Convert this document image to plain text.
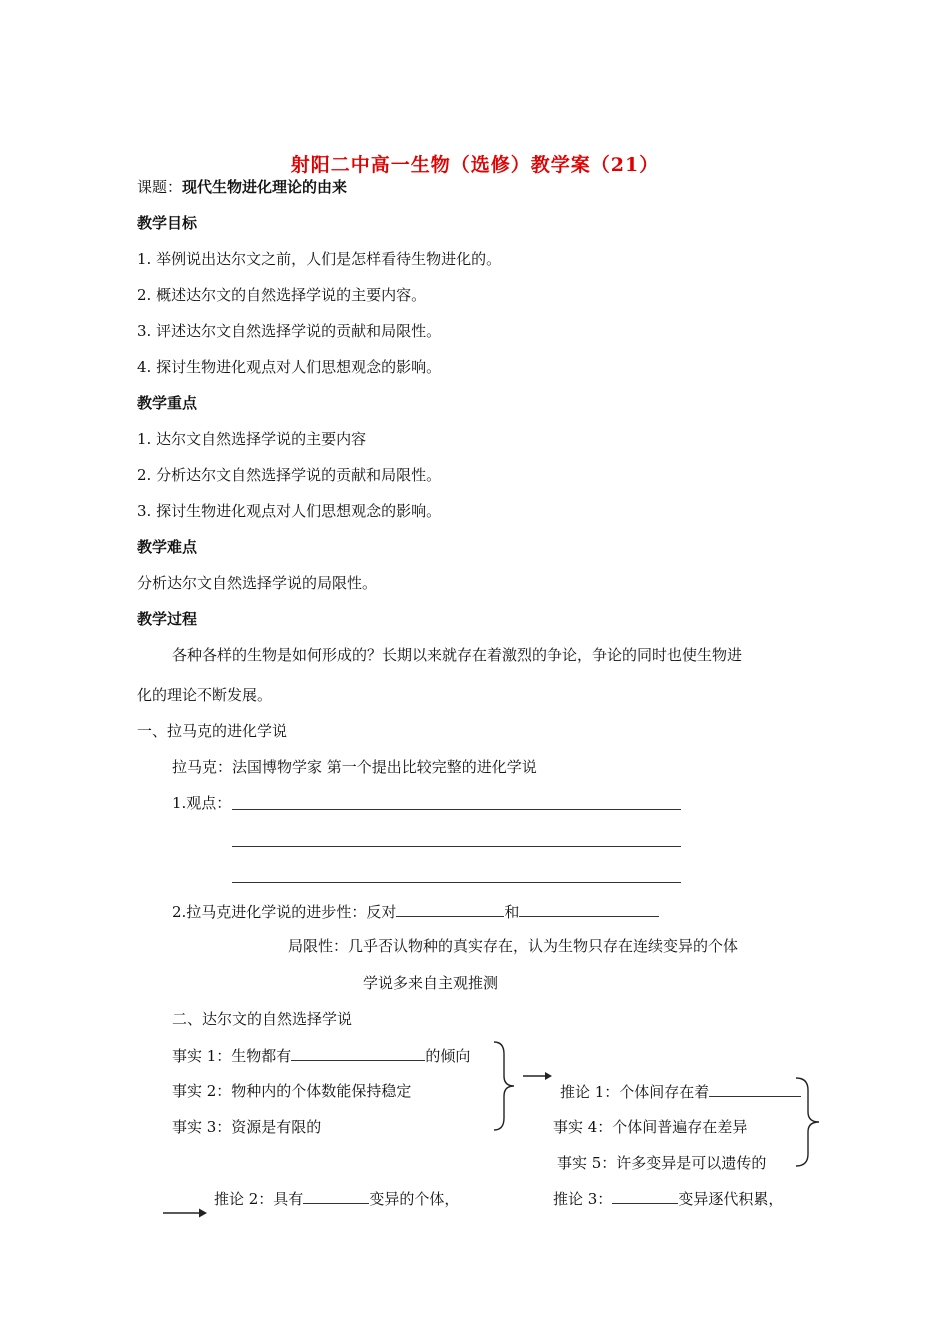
射阳二中高一生物（选修）教学案（21）
课题：现代生物进化理论的由来
教学目标
1. 举例说出达尔文之前，人们是怎样看待生物进化的。
2. 概述达尔文的自然选择学说的主要内容。
3. 评述达尔文自然选择学说的贡献和局限性。
4. 探讨生物进化观点对人们思想观念的影响。
教学重点
1. 达尔文自然选择学说的主要内容
2. 分析达尔文自然选择学说的贡献和局限性。
3. 探讨生物进化观点对人们思想观念的影响。
教学难点
分析达尔文自然选择学说的局限性。
教学过程
各种各样的生物是如何形成的？长期以来就存在着激烈的争论，争论的同时也使生物进
化的理论不断发展。
一、拉马克的进化学说
拉马克：法国博物学家 第一个提出比较完整的进化学说
1.观点：
2.拉马克进化学说的进步性：反对	和
局限性：几乎否认物种的真实存在，认为生物只存在连续变异的个体
学说多来自主观推测
二、达尔文的自然选择学说
事实 1：生物都有	的倾向
事实 2：物种内的个体数能保持稳定
事实 3：资源是有限的
推论 1：个体间存在着
事实 4：个体间普遍存在差异
事实 5：许多变异是可以遗传的
推论 2：具有	变异的个体，	推论 3：	变异逐代积累，
